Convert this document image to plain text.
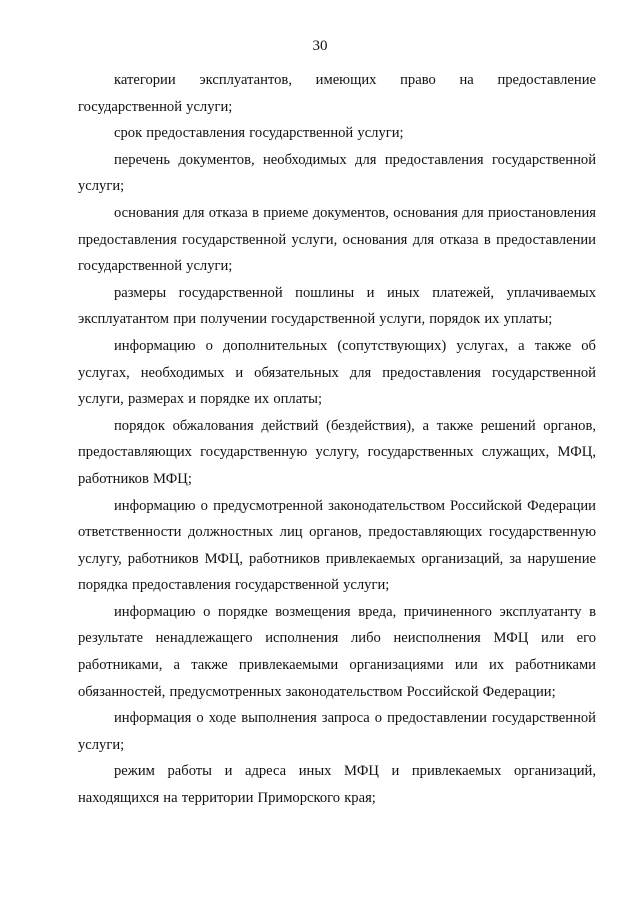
30

категории эксплуатантов, имеющих право на предоставление государственной услуги;

срок предоставления государственной услуги;

перечень документов, необходимых для предоставления государственной услуги;

основания для отказа в приеме документов, основания для приостановления предоставления государственной услуги, основания для отказа в предоставлении государственной услуги;

размеры государственной пошлины и иных платежей, уплачиваемых эксплуатантом при получении государственной услуги, порядок их уплаты;

информацию о дополнительных (сопутствующих) услугах, а также об услугах, необходимых и обязательных для предоставления государственной услуги, размерах и порядке их оплаты;

порядок обжалования действий (бездействия), а также решений органов, предоставляющих государственную услугу, государственных служащих, МФЦ, работников МФЦ;

информацию о предусмотренной законодательством Российской Федерации ответственности должностных лиц органов, предоставляющих государственную услугу, работников МФЦ, работников привлекаемых организаций, за нарушение порядка предоставления государственной услуги;

информацию о порядке возмещения вреда, причиненного эксплуатанту в результате ненадлежащего исполнения либо неисполнения МФЦ или его работниками, а также привлекаемыми организациями или их работниками обязанностей, предусмотренных законодательством Российской Федерации;

информация о ходе выполнения запроса о предоставлении государственной услуги;

режим работы и адреса иных МФЦ и привлекаемых организаций, находящихся на территории Приморского края;
